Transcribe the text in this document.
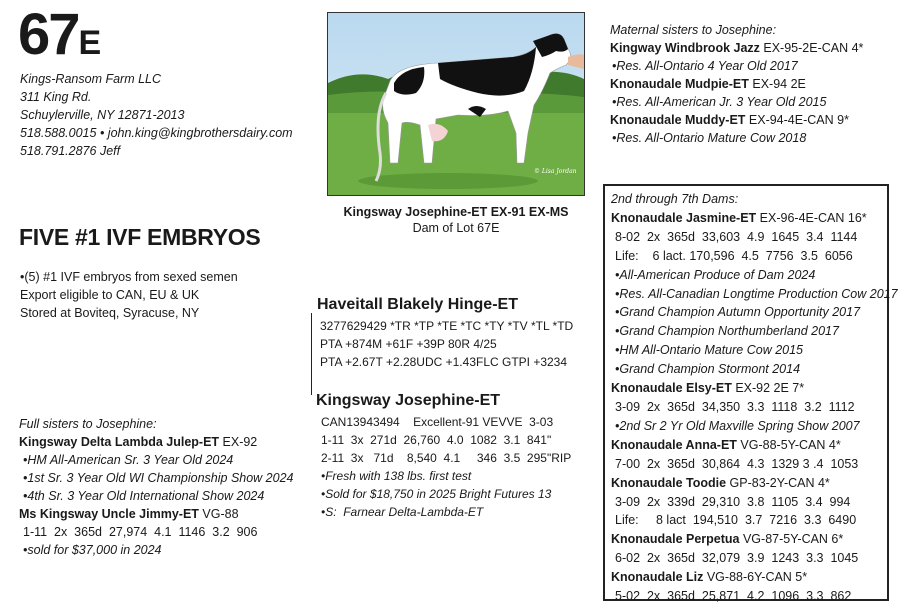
67E
Kings-Ransom Farm LLC
311 King Rd.
Schuylerville, NY 12871-2013
518.588.0015 • john.king@kingbrothersdairy.com
518.791.2876 Jeff
© Lisa Jordan
Kingsway Josephine-ET EX-91 EX-MS
Dam of Lot 67E
FIVE #1 IVF EMBRYOS
•(5) #1 IVF embryos from sexed semen
Export eligible to CAN, EU & UK
Stored at Boviteq, Syracuse, NY	Haveitall Blakely Hinge-ET
3277629429 *TR *TP *TE *TC *TY *TV *TL *TD
PTA +874M +61F +39P 80R 4/25
PTA +2.67T +2.28UDC +1.43FLC GTPI +3234
Kingsway Josephine-ET
CAN13943494    Excellent-91 VEVVE  3-03
1-11  3x  271d  26,760  4.0  1082  3.1  841"
2-11  3x   71d    8,540  4.1     346  3.5  295"RIP
•Fresh with 138 lbs. first test
•Sold for $18,750 in 2025 Bright Futures 13
•S:  Farnear Delta-Lambda-ET
Full sisters to Josephine:
Kingsway Delta Lambda Julep-ET EX-92
•HM All-American Sr. 3 Year Old 2024
•1st Sr. 3 Year Old WI Championship Show 2024
•4th Sr. 3 Year Old International Show 2024
Ms Kingsway Uncle Jimmy-ET VG-88
1-11  2x  365d  27,974  4.1  1146  3.2  906
•sold for $37,000 in 2024
Maternal sisters to Josephine:
Kingway Windbrook Jazz EX-95-2E-CAN 4*
•Res. All-Ontario 4 Year Old 2017
Knonaudale Mudpie-ET EX-94 2E
•Res. All-American Jr. 3 Year Old 2015
Knonaudale Muddy-ET EX-94-4E-CAN 9*
•Res. All-Ontario Mature Cow 2018
2nd through 7th Dams:
Knonaudale Jasmine-ET EX-96-4E-CAN 16*
8-02  2x  365d  33,603  4.9  1645  3.4  1144
Life:    6 lact. 170,596  4.5  7756  3.5  6056
•All-American Produce of Dam 2024
•Res. All-Canadian Longtime Production Cow 2017
•Grand Champion Autumn Opportunity 2017
•Grand Champion Northumberland 2017
•HM All-Ontario Mature Cow 2015
•Grand Champion Stormont 2014
Knonaudale Elsy-ET EX-92 2E 7*
3-09  2x  365d  34,350  3.3  1118  3.2  1112
•2nd Sr 2 Yr Old Maxville Spring Show 2007
Knonaudale Anna-ET VG-88-5Y-CAN 4*
7-00  2x  365d  30,864  4.3  1329 3 .4  1053
Knonaudale Toodie GP-83-2Y-CAN 4*
3-09  2x  339d  29,310  3.8  1105  3.4  994
Life:     8 lact  194,510  3.7  7216  3.3  6490
Knonaudale Perpetua VG-87-5Y-CAN 6*
6-02  2x  365d  32,079  3.9  1243  3.3  1045
Knonaudale Liz VG-88-6Y-CAN 5*
5-02  2x  365d  25,871  4.2  1096  3.3  862
